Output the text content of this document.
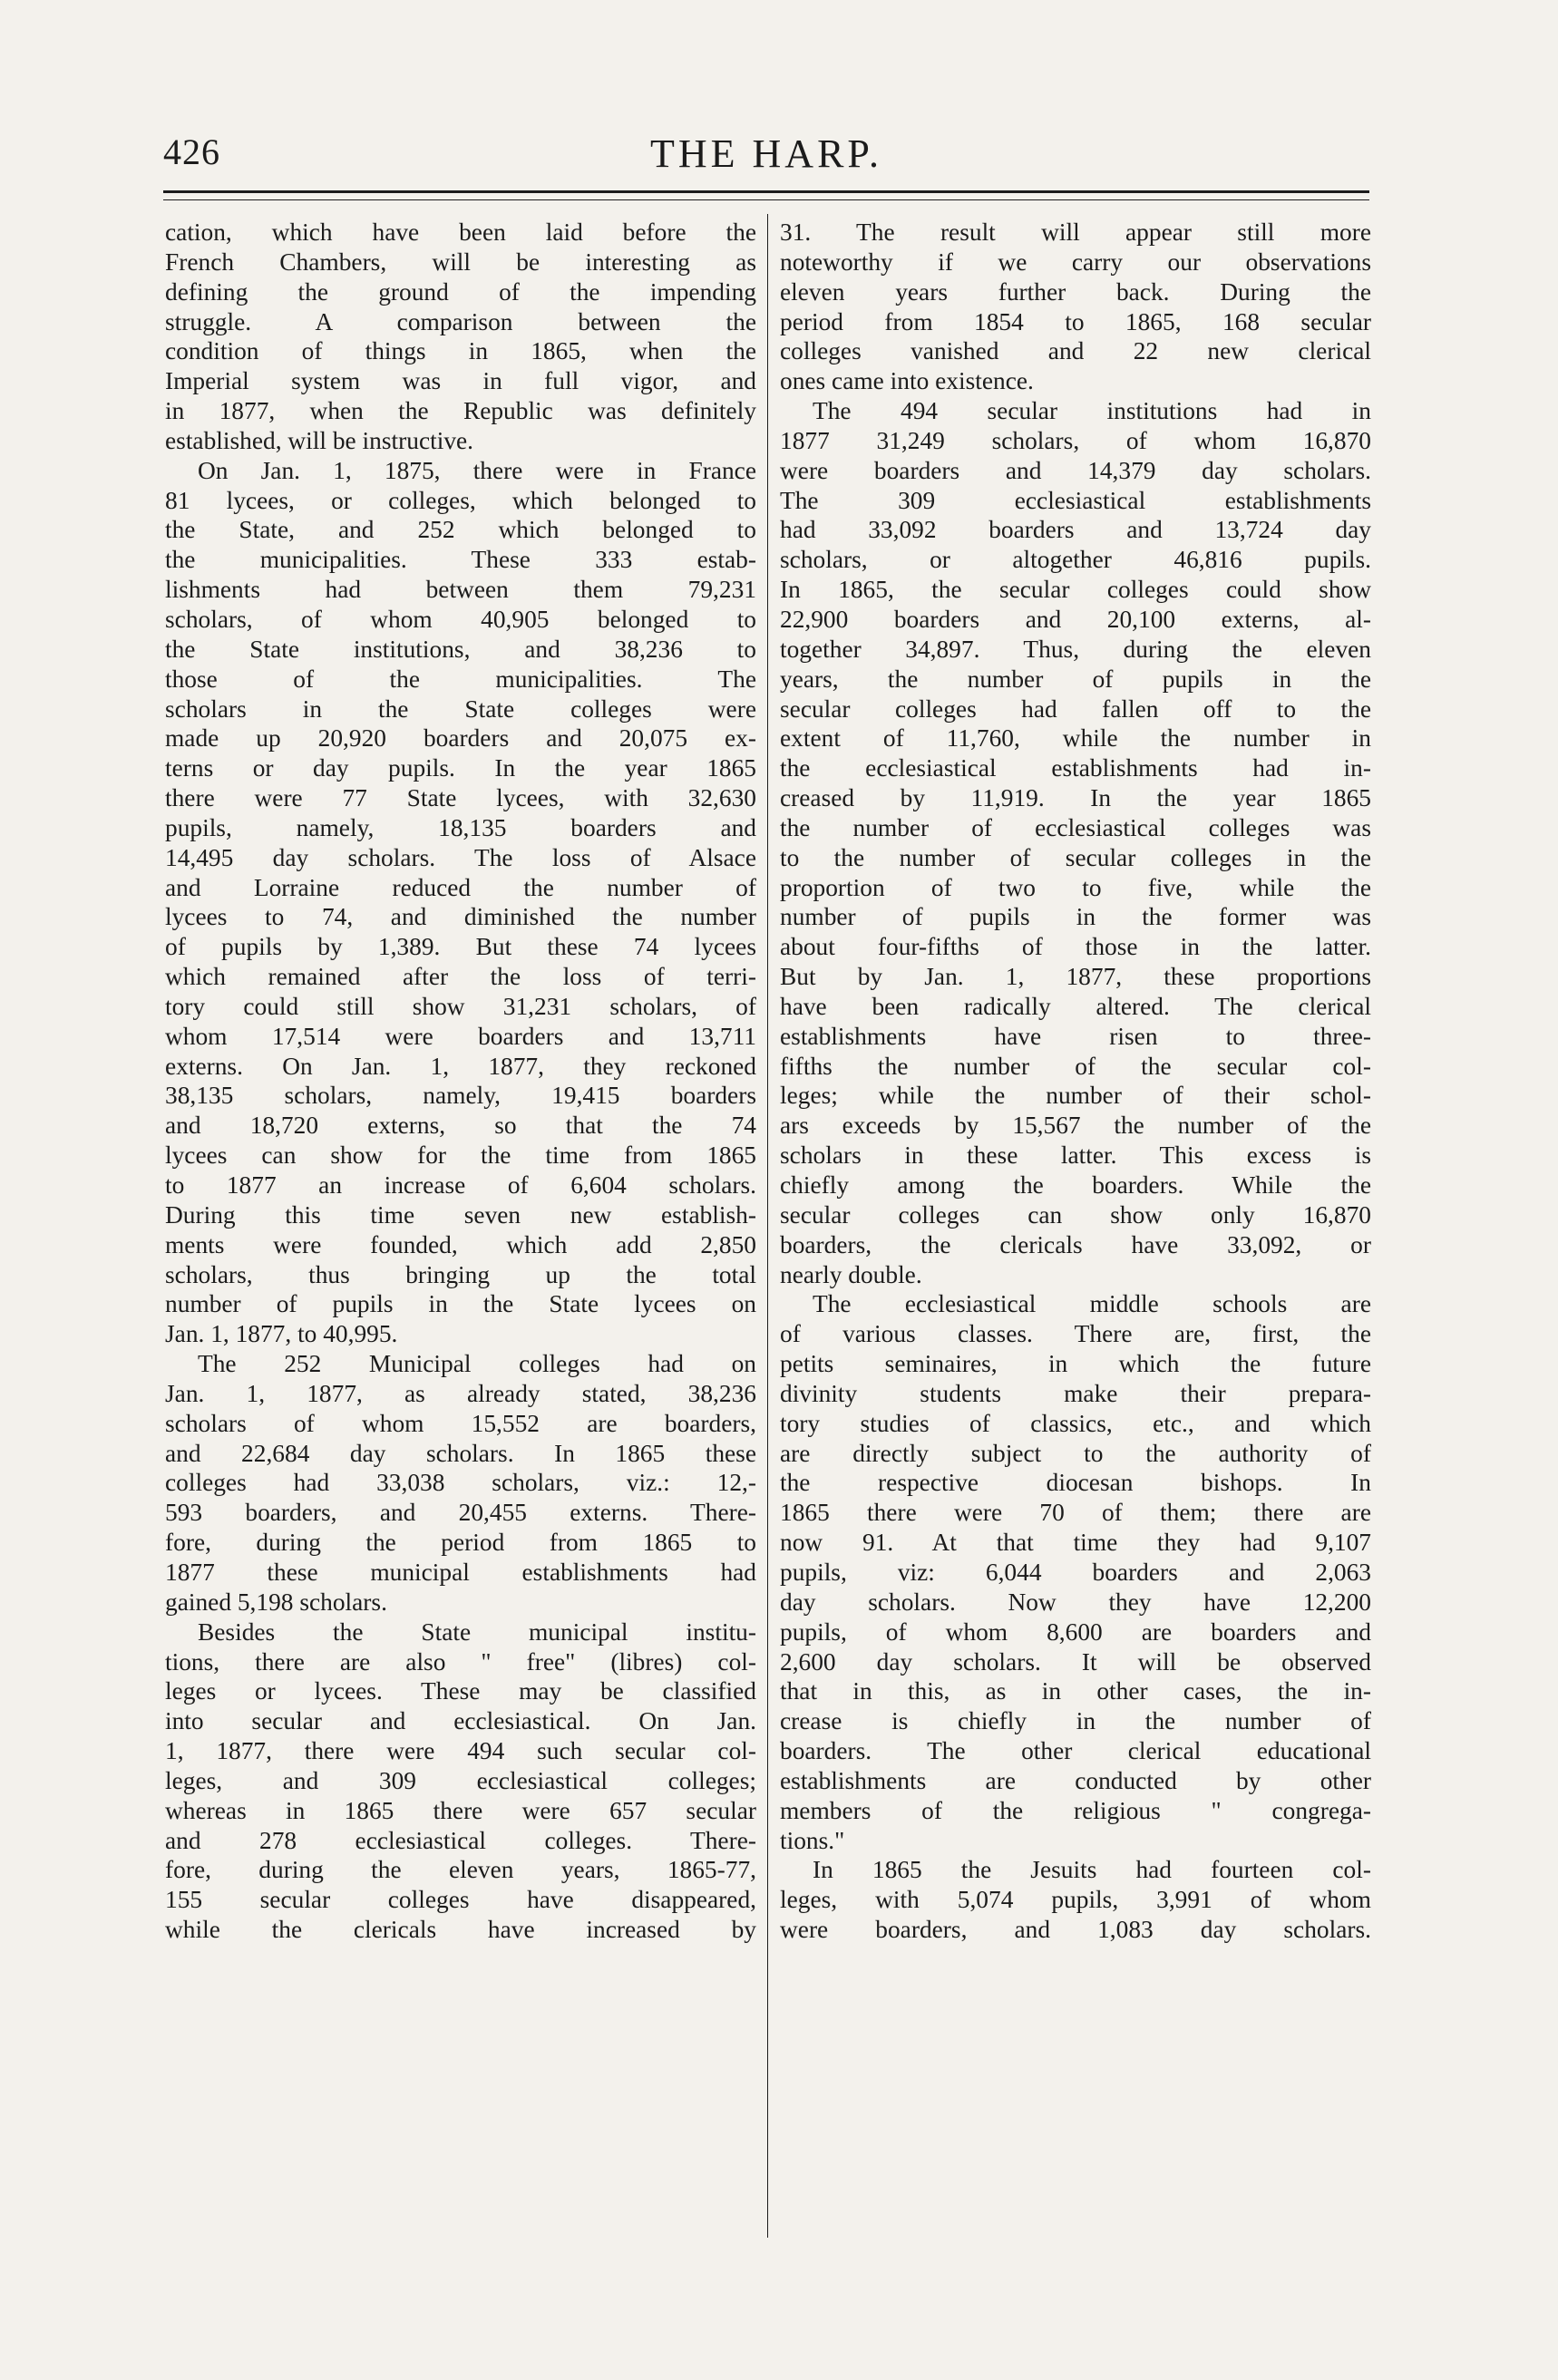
426	THE HARP.
cation, which have been laid before the
French Chambers, will be interesting as
defining the ground of the impending
struggle. A comparison between the
condition of things in 1865, when the
Imperial system was in full vigor, and
in 1877, when the Republic was definitely
established, will be instructive.
On Jan. 1, 1875, there were in France
81 lycees, or colleges, which belonged to
the State, and 252 which belonged to
the municipalities. These 333 estab-
lishments had between them 79,231
scholars, of whom 40,905 belonged to
the State institutions, and 38,236 to
those of the municipalities. The
scholars in the State colleges were
made up 20,920 boarders and 20,075 ex-
terns or day pupils. In the year 1865
there were 77 State lycees, with 32,630
pupils, namely, 18,135 boarders and
14,495 day scholars. The loss of Alsace
and Lorraine reduced the number of
lycees to 74, and diminished the number
of pupils by 1,389. But these 74 lycees
which remained after the loss of terri-
tory could still show 31,231 scholars, of
whom 17,514 were boarders and 13,711
externs. On Jan. 1, 1877, they reckoned
38,135 scholars, namely, 19,415 boarders
and 18,720 externs, so that the 74
lycees can show for the time from 1865
to 1877 an increase of 6,604 scholars.
During this time seven new establish-
ments were founded, which add 2,850
scholars, thus bringing up the total
number of pupils in the State lycees on
Jan. 1, 1877, to 40,995.
The 252 Municipal colleges had on
Jan. 1, 1877, as already stated, 38,236
scholars of whom 15,552 are boarders,
and 22,684 day scholars. In 1865 these
colleges had 33,038 scholars, viz.: 12,-
593 boarders, and 20,455 externs. There-
fore, during the period from 1865 to
1877 these municipal establishments had
gained 5,198 scholars.
Besides the State municipal institu-
tions, there are also " free" (libres) col-
leges or lycees. These may be classified
into secular and ecclesiastical. On Jan.
1, 1877, there were 494 such secular col-
leges, and 309 ecclesiastical colleges;
whereas in 1865 there were 657 secular
and 278 ecclesiastical colleges. There-
fore, during the eleven years, 1865-77,
155 secular colleges have disappeared,
while the clericals have increased by
31. The result will appear still more
noteworthy if we carry our observations
eleven years further back. During the
period from 1854 to 1865, 168 secular
colleges vanished and 22 new clerical
ones came into existence.
The 494 secular institutions had in
1877 31,249 scholars, of whom 16,870
were boarders and 14,379 day scholars.
The 309 ecclesiastical establishments
had 33,092 boarders and 13,724 day
scholars, or altogether 46,816 pupils.
In 1865, the secular colleges could show
22,900 boarders and 20,100 externs, al-
together 34,897. Thus, during the eleven
years, the number of pupils in the
secular colleges had fallen off to the
extent of 11,760, while the number in
the ecclesiastical establishments had in-
creased by 11,919. In the year 1865
the number of ecclesiastical colleges was
to the number of secular colleges in the
proportion of two to five, while the
number of pupils in the former was
about four-fifths of those in the latter.
But by Jan. 1, 1877, these proportions
have been radically altered. The clerical
establishments have risen to three-
fifths the number of the secular col-
leges; while the number of their schol-
ars exceeds by 15,567 the number of the
scholars in these latter. This excess is
chiefly among the boarders. While the
secular colleges can show only 16,870
boarders, the clericals have 33,092, or
nearly double.
The ecclesiastical middle schools are
of various classes. There are, first, the
petits seminaires, in which the future
divinity students make their prepara-
tory studies of classics, etc., and which
are directly subject to the authority of
the respective diocesan bishops. In
1865 there were 70 of them; there are
now 91. At that time they had 9,107
pupils, viz: 6,044 boarders and 2,063
day scholars. Now they have 12,200
pupils, of whom 8,600 are boarders and
2,600 day scholars. It will be observed
that in this, as in other cases, the in-
crease is chiefly in the number of
boarders. The other clerical educational
establishments are conducted by other
members of the religious " congrega-
tions."
In 1865 the Jesuits had fourteen col-
leges, with 5,074 pupils, 3,991 of whom
were boarders, and 1,083 day scholars.
